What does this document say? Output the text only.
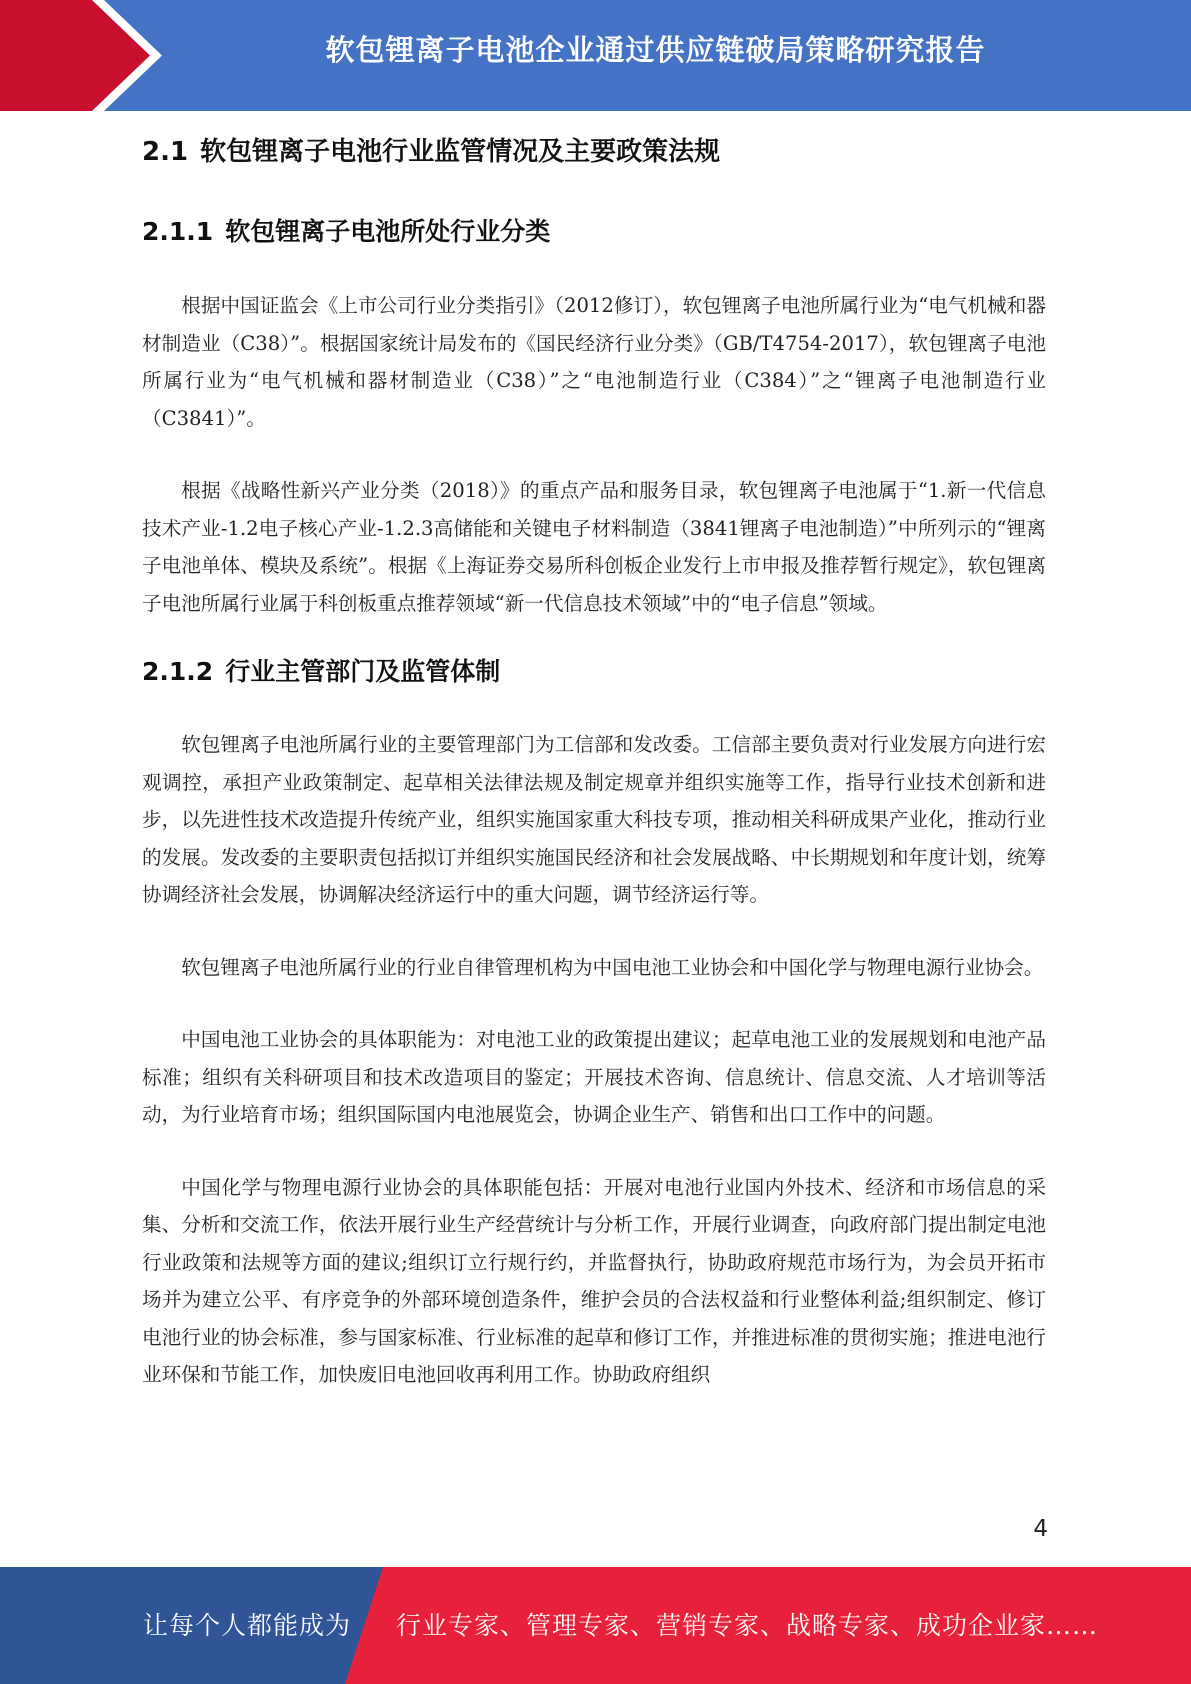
软包锂离子电池企业通过供应链破局策略研究报告
2.1 软包锂离子电池行业监管情况及主要政策法规
2.1.1 软包锂离子电池所处行业分类

根据中国证监会《上市公司行业分类指引》（2012修订），软包锂离子电池所属行业为“电气机械和器材制造业（C38）”。根据国家统计局发布的《国民经济行业分类》（GB/T4754-2017），软包锂离子电池所属行业为“电气机械和器材制造业（C38）”之“电池制造行业（C384）”之“锂离子电池制造行业（C3841）”。

根据《战略性新兴产业分类（2018）》的重点产品和服务目录，软包锂离子电池属于“1.新一代信息技术产业-1.2电子核心产业-1.2.3高储能和关键电子材料制造（3841锂离子电池制造）”中所列示的“锂离子电池单体、模块及系统”。根据《上海证券交易所科创板企业发行上市申报及推荐暂行规定》，软包锂离子电池所属行业属于科创板重点推荐领域“新一代信息技术领域”中的“电子信息”领域。

2.1.2 行业主管部门及监管体制

软包锂离子电池所属行业的主要管理部门为工信部和发改委。工信部主要负责对行业发展方向进行宏观调控，承担产业政策制定、起草相关法律法规及制定规章并组织实施等工作，指导行业技术创新和进步，以先进性技术改造提升传统产业，组织实施国家重大科技专项，推动相关科研成果产业化，推动行业的发展。发改委的主要职责包括拟订并组织实施国民经济和社会发展战略、中长期规划和年度计划，统筹协调经济社会发展，协调解决经济运行中的重大问题，调节经济运行等。

软包锂离子电池所属行业的行业自律管理机构为中国电池工业协会和中国化学与物理电源行业协会。

中国电池工业协会的具体职能为：对电池工业的政策提出建议；起草电池工业的发展规划和电池产品标准；组织有关科研项目和技术改造项目的鉴定；开展技术咨询、信息统计、信息交流、人才培训等活动，为行业培育市场；组织国际国内电池展览会，协调企业生产、销售和出口工作中的问题。

中国化学与物理电源行业协会的具体职能包括：开展对电池行业国内外技术、经济和市场信息的采集、分析和交流工作，依法开展行业生产经营统计与分析工作，开展行业调查，向政府部门提出制定电池行业政策和法规等方面的建议;组织订立行规行约，并监督执行，协助政府规范市场行为，为会员开拓市场并为建立公平、有序竞争的外部环境创造条件，维护会员的合法权益和行业整体利益;组织制定、修订电池行业的协会标准，参与国家标准、行业标准的起草和修订工作，并推进标准的贯彻实施；推进电池行业环保和节能工作，加快废旧电池回收再利用工作。协助政府组织

4
让每个人都能成为 行业专家、管理专家、营销专家、战略专家、成功企业家……
